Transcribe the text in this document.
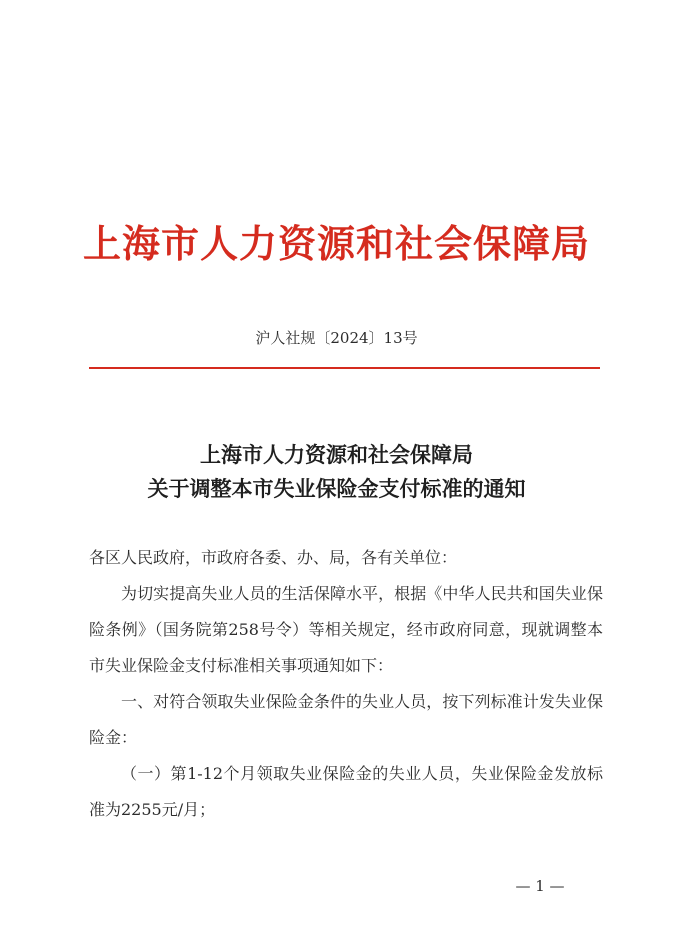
上海市人力资源和社会保障局
沪人社规〔2024〕13号
上海市人力资源和社会保障局
关于调整本市失业保险金支付标准的通知

各区人民政府，市政府各委、办、局，各有关单位：

为切实提高失业人员的生活保障水平，根据《中华人民共和国失业保险条例》（国务院第258号令）等相关规定，经市政府同意，现就调整本市失业保险金支付标准相关事项通知如下：

一、对符合领取失业保险金条件的失业人员，按下列标准计发失业保险金：

（一）第1-12个月领取失业保险金的失业人员，失业保险金发放标准为2255元/月；

— 1 —
